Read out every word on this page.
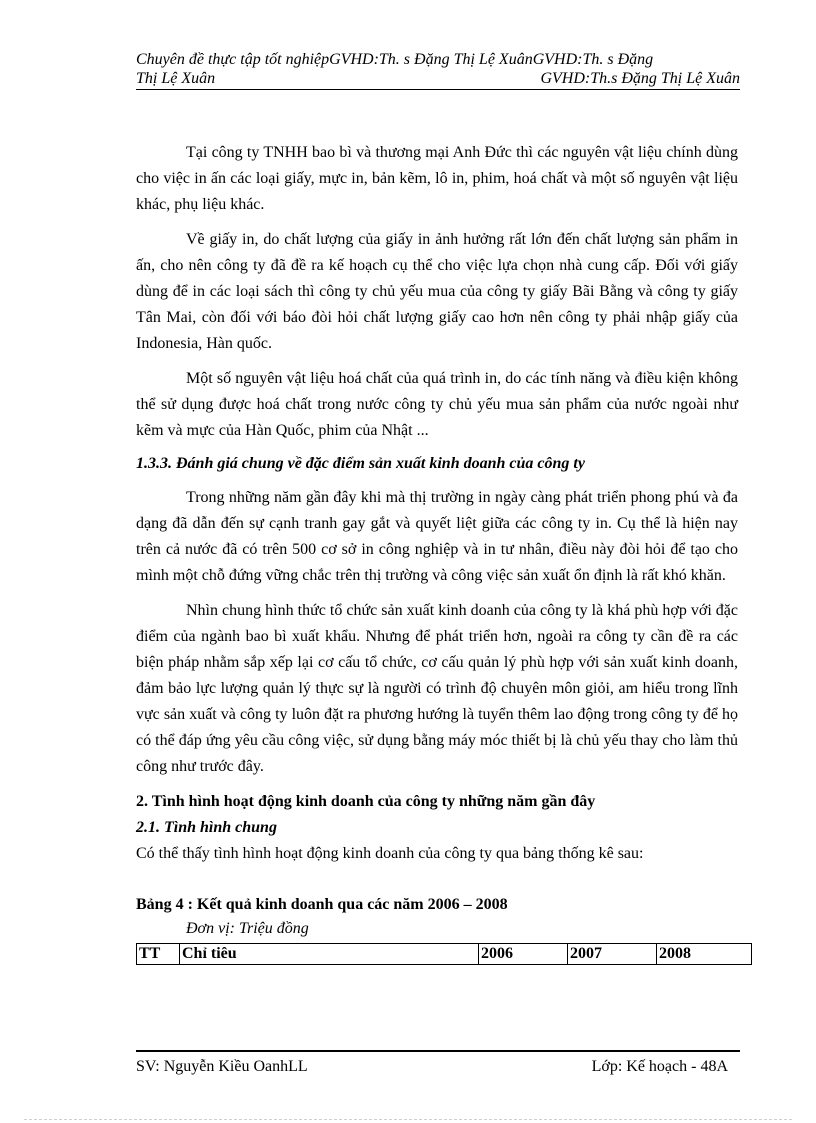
Chuyên đề thực tập tốt nghiệpGVHD:Th. s Đặng Thị Lệ XuânGVHD:Th. s Đặng
Thị Lệ Xuân	GVHD:Th.s Đặng Thị Lệ Xuân

Tại công ty TNHH bao bì và thương mại Anh Đức thì các nguyên vật liệu chính dùng cho việc in ấn các loại giấy, mực in, bản kẽm, lô in, phim, hoá chất và một số nguyên vật liệu khác, phụ liệu khác.

Về giấy in, do chất lượng của giấy in ảnh hưởng rất lớn đến chất lượng sản phẩm in ấn, cho nên công ty đã đề ra kế hoạch cụ thể cho việc lựa chọn nhà cung cấp. Đối với giấy dùng để in các loại sách thì công ty chủ yếu mua của công ty giấy Bãi Bằng và công ty giấy Tân Mai, còn đối với báo đòi hỏi chất lượng giấy cao hơn nên công ty phải nhập giấy của Indonesia, Hàn quốc.

Một số nguyên vật liệu hoá chất của quá trình in, do các tính năng và điều kiện không thể sử dụng được hoá chất trong nước công ty chủ yếu mua sản phẩm của nước ngoài như kẽm và mực của Hàn Quốc, phim của Nhật ...

1.3.3. Đánh giá chung về đặc điểm sản xuất kinh doanh của công ty

Trong những năm gần đây khi mà thị trường in ngày càng phát triển phong phú và đa dạng đã dẫn đến sự cạnh tranh gay gắt và quyết liệt giữa các công ty in. Cụ thể là hiện nay trên cả nước đã có trên 500 cơ sở in công nghiệp và in tư nhân, điều này đòi hỏi để tạo cho mình một chỗ đứng vững chắc trên thị trường và công việc sản xuất ổn định là rất khó khăn.

Nhìn chung hình thức tổ chức sản xuất kinh doanh của công ty là khá phù hợp với đặc điểm của ngành bao bì xuất khẩu. Nhưng để phát triển hơn, ngoài ra công ty cần đề ra các biện pháp nhằm sắp xếp lại cơ cấu tổ chức, cơ cấu quản lý phù hợp với sản xuất kinh doanh, đảm bảo lực lượng quản lý thực sự là người có trình độ chuyên môn giỏi, am hiểu trong lĩnh vực sản xuất và công ty luôn đặt ra phương hướng là tuyển thêm lao động trong công ty để họ có thể đáp ứng yêu cầu công việc, sử dụng bằng máy móc thiết bị là chủ yếu thay cho làm thủ công như trước đây.

2. Tình hình hoạt động kinh doanh của công ty những năm gần đây

2.1. Tình hình chung

Có thể thấy tình hình hoạt động kinh doanh của công ty qua bảng thống kê sau:

Bảng 4 : Kết quả kinh doanh qua các năm 2006 – 2008

Đơn vị: Triệu đồng

TT	Chỉ tiêu	2006	2007	2008
SV: Nguyễn Kiều OanhLL	Lớp: Kế hoạch - 48A
